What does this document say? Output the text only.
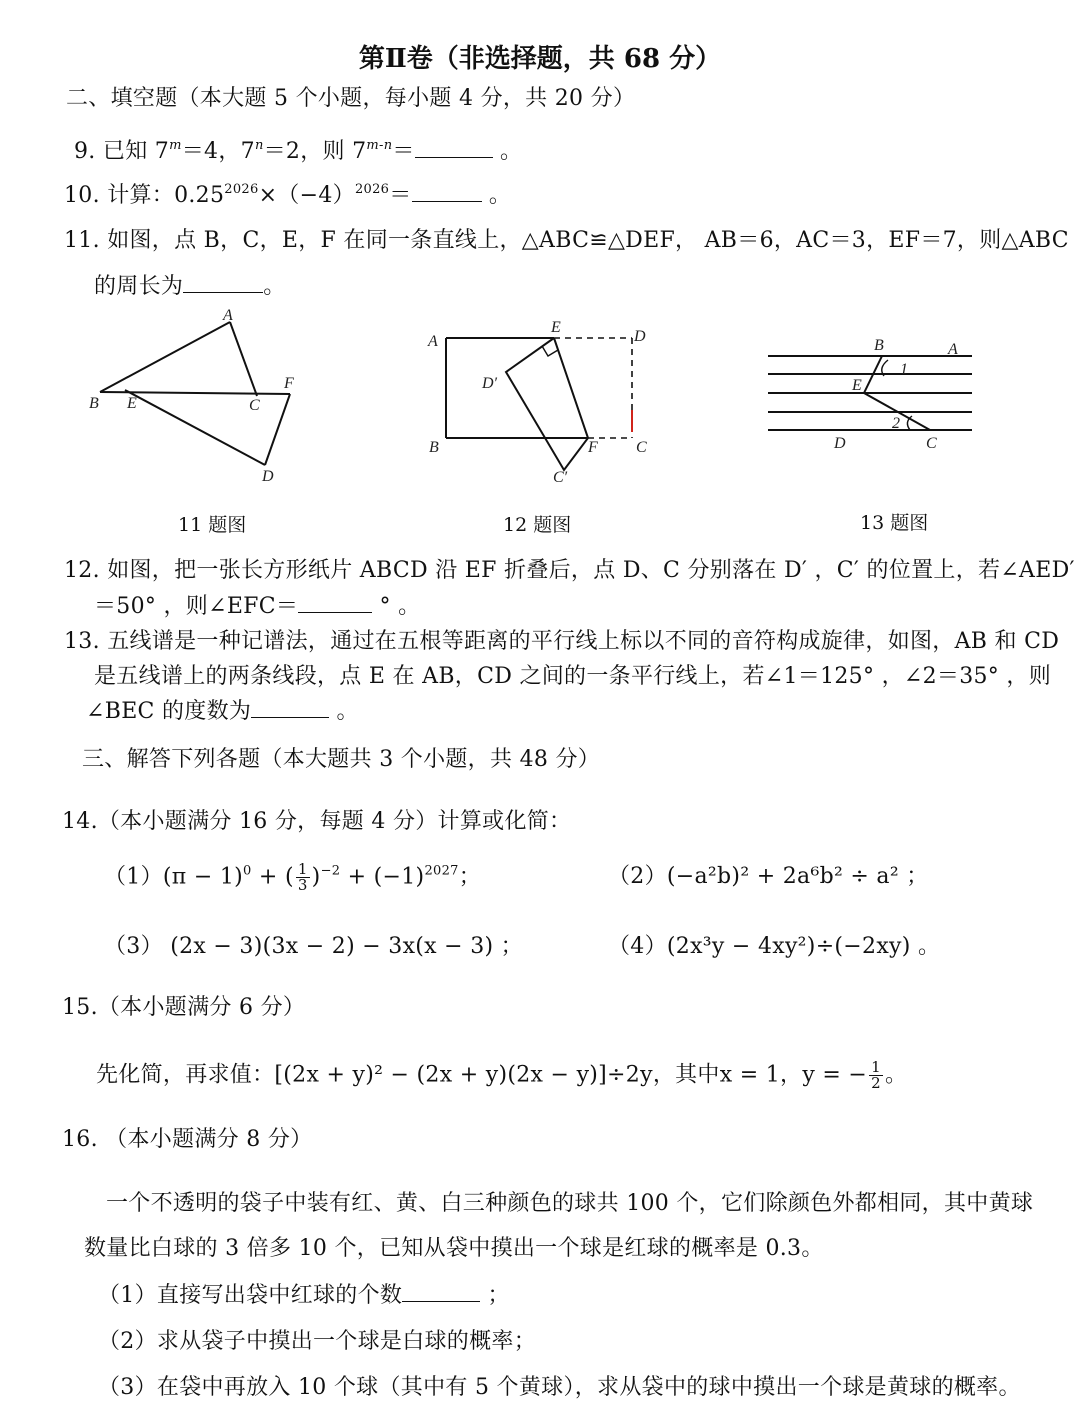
第Ⅱ卷（非选择题，共 68 分）
二、填空题（本大题 5 个小题，每小题 4 分，共 20 分）
9. 已知 $7^m=4$，$7^n=2$，则 $7^{m-n}=$	。
10. 计算：$0.25^{2026}\times(-4)^{2026}=$	。
11. 如图，点 B，C，E，F 在同一条直线上，△ABC≌△DEF， AB＝6，AC＝3，EF＝7，则△ABC
的周长为	。
A
B E	C
F
D
11 题图
A
E
D
D′
B
C′
F C
12 题图
B	A
E
1
2
D	C
13 题图
12. 如图，把一张长方形纸片 ABCD 沿 EF 折叠后，点 D、C 分别落在 D′ ，C′ 的位置上，若∠AED′
＝50° ，则∠EFC＝	° 。
13. 五线谱是一种记谱法，通过在五根等距离的平行线上标以不同的音符构成旋律，如图，AB 和 CD
是五线谱上的两条线段，点 E 在 AB，CD 之间的一条平行线上，若∠1＝125° ，∠2＝35° ，则
∠BEC 的度数为	。
三、解答下列各题（本大题共 3 个小题，共 48 分）
14.（本小题满分 16 分，每题 4 分）计算或化简：
$(1)(\pi - 1)^0$ + ( $\frac{1}{3} )^{-2} + (-1)^{2027}$；	（2）(−a²b)² + 2a⁶b² ÷ a² ；
（3） (2x − 3)(3x − 2) − 3x(x − 3) ；	（4）(2x³y − 4xy²)÷(−2xy) 。
15.（本小题满分 6 分）
先化简，再求值：[(2x + y)² − (2x + y)(2x − y)]÷2y，其中x = 1，y = − $\frac{1}{2}$ 。
16. （本小题满分 8 分）
一个不透明的袋子中装有红、黄、白三种颜色的球共 100 个，它们除颜色外都相同，其中黄球
数量比白球的 3 倍多 10 个，已知从袋中摸出一个球是红球的概率是 0.3。
（1）直接写出袋中红球的个数	；
（2）求从袋子中摸出一个球是白球的概率；
（3）在袋中再放入 10 个球（其中有 5 个黄球），求从袋中的球中摸出一个球是黄球的概率。
